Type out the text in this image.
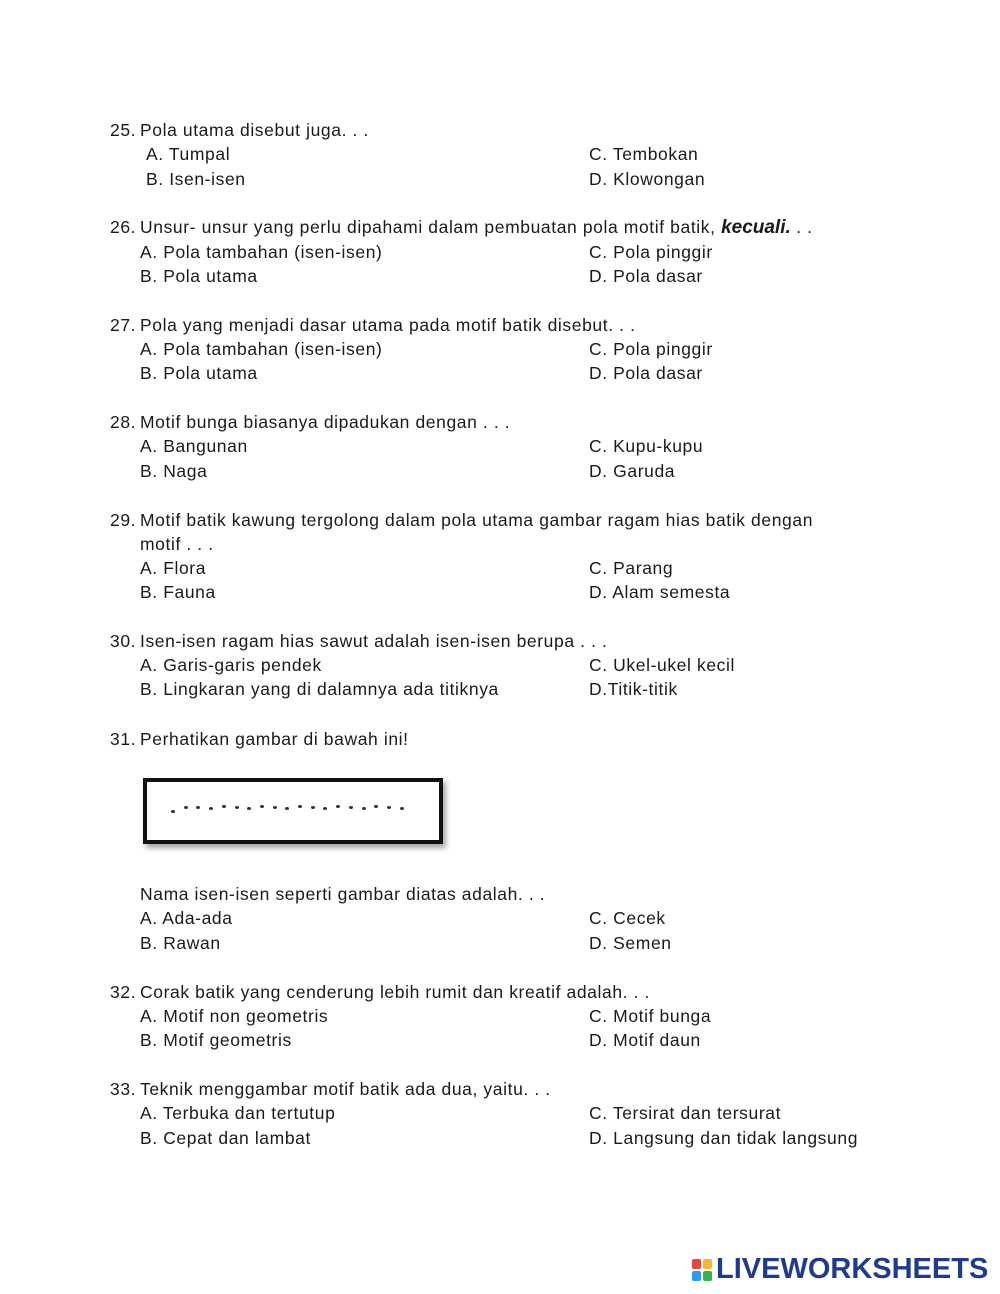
25. Pola utama disebut juga. . .
A. Tumpal
B. Isen-isen
C. Tembokan
D. Klowongan
26. Unsur- unsur yang perlu dipahami dalam pembuatan pola motif batik, kecuali. . .
A. Pola tambahan (isen-isen)
B. Pola utama
C. Pola pinggir
D. Pola dasar
27. Pola yang menjadi dasar utama pada motif batik disebut. . .
A. Pola tambahan (isen-isen)
B. Pola utama
C. Pola pinggir
D. Pola dasar
28. Motif bunga biasanya dipadukan dengan . . .
A. Bangunan
B. Naga
C. Kupu-kupu
D. Garuda
29. Motif batik kawung tergolong dalam pola utama gambar ragam hias batik dengan
motif . . .
A. Flora
B. Fauna
C. Parang
D. Alam semesta
30. Isen-isen ragam hias sawut adalah isen-isen berupa . . .
A. Garis-garis pendek
B. Lingkaran yang di dalamnya ada titiknya
C. Ukel-ukel kecil
D.Titik-titik
31. Perhatikan gambar di bawah ini!
Nama isen-isen seperti gambar diatas adalah. . .
A. Ada-ada
B. Rawan
C. Cecek
D. Semen
32. Corak batik yang cenderung lebih rumit dan kreatif adalah. . .
A. Motif non geometris
B. Motif geometris
C. Motif bunga
D. Motif daun
33. Teknik menggambar motif batik ada dua, yaitu. . .
A. Terbuka dan tertutup
B. Cepat dan lambat
C. Tersirat dan tersurat
D. Langsung dan tidak langsung
LIVEWORKSHEETS
